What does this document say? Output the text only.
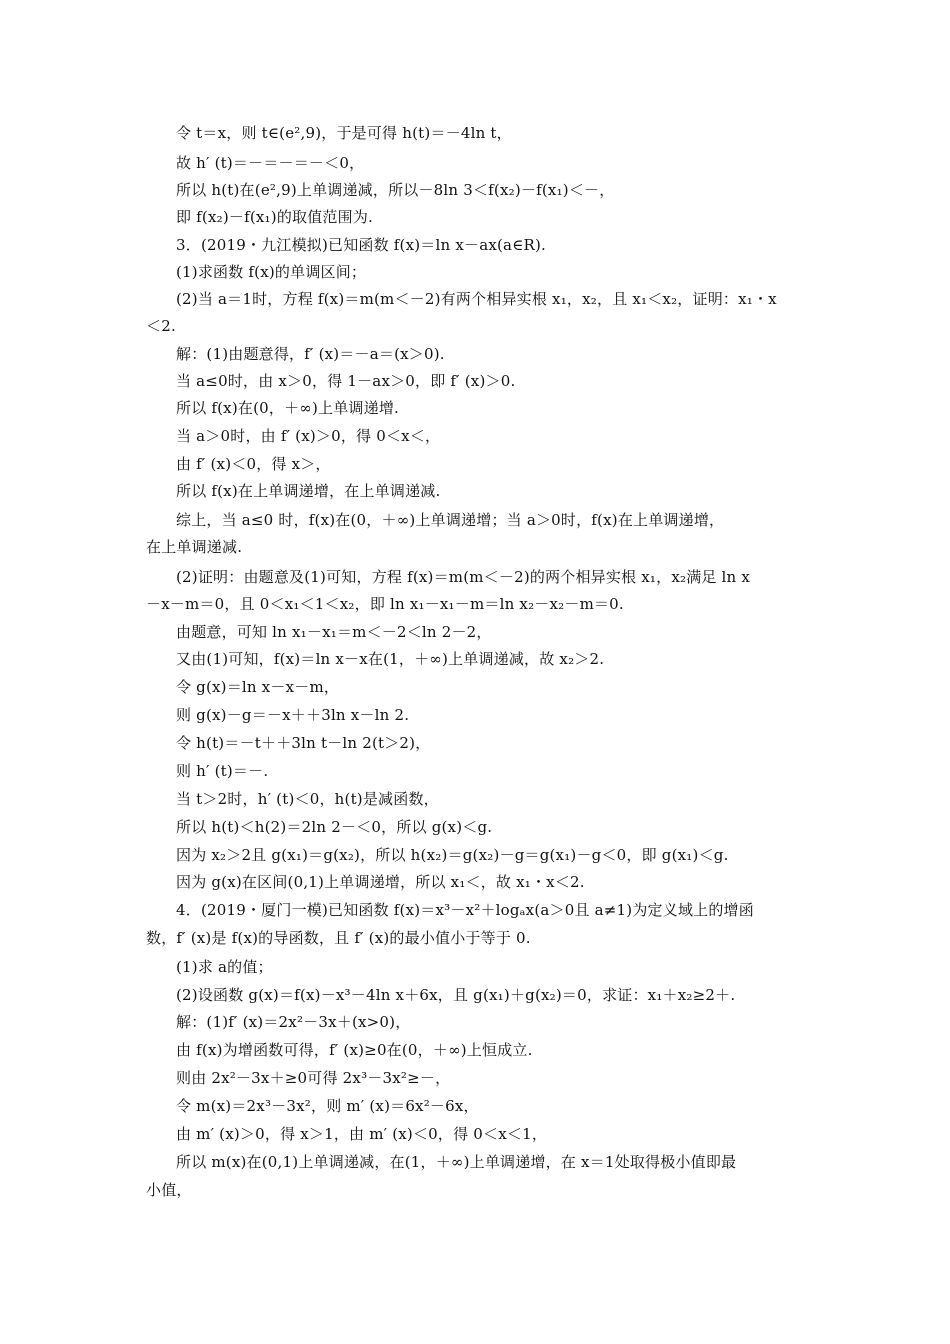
令 t＝x，则 t∈(e²,9)，于是可得 h(t)＝－4ln t，
故 h′ (t)＝－＝－＝－＜0，
所以 h(t)在(e²,9)上单调递减，所以－8ln 3＜f(x₂)－f(x₁)＜－，
即 f(x₂)－f(x₁)的取值范围为.
3．(2019・九江模拟)已知函数 f(x)＝ln x－ax(a∈R).
(1)求函数 f(x)的单调区间；
(2)当 a＝1时，方程 f(x)＝m(m＜－2)有两个相异实根 x₁，x₂，且 x₁＜x₂，证明：x₁・x
＜2.
解：(1)由题意得，f′ (x)＝－a＝(x＞0).
当 a≤0时，由 x＞0，得 1－ax＞0，即 f′ (x)＞0.
所以 f(x)在(0，＋∞)上单调递增.
当 a＞0时，由 f′ (x)＞0，得 0＜x＜，
由 f′ (x)＜0，得 x＞，
所以 f(x)在上单调递增，在上单调递减.
综上，当 a≤0 时，f(x)在(0，＋∞)上单调递增；当 a＞0时，f(x)在上单调递增，
在上单调递减.
(2)证明：由题意及(1)可知，方程 f(x)＝m(m＜－2)的两个相异实根 x₁，x₂满足 ln x
－x－m＝0，且 0＜x₁＜1＜x₂，即 ln x₁－x₁－m＝ln x₂－x₂－m＝0.
由题意，可知 ln x₁－x₁＝m＜－2＜ln 2－2，
又由(1)可知，f(x)＝ln x－x在(1，＋∞)上单调递减，故 x₂＞2.
令 g(x)＝ln x－x－m，
则 g(x)－g＝－x＋＋3ln x－ln 2.
令 h(t)＝－t＋＋3ln t－ln 2(t＞2)，
则 h′ (t)＝－.
当 t＞2时，h′ (t)＜0，h(t)是减函数，
所以 h(t)＜h(2)＝2ln 2－＜0，所以 g(x)＜g.
因为 x₂＞2且 g(x₁)＝g(x₂)，所以 h(x₂)＝g(x₂)－g＝g(x₁)－g＜0，即 g(x₁)＜g.
因为 g(x)在区间(0,1)上单调递增，所以 x₁＜，故 x₁・x＜2.
4．(2019・厦门一模)已知函数 f(x)＝x³－x²＋logₐx(a＞0且 a≠1)为定义域上的增函
数，f′ (x)是 f(x)的导函数，且 f′ (x)的最小值小于等于 0.
(1)求 a的值；
(2)设函数 g(x)＝f(x)－x³－4ln x＋6x，且 g(x₁)＋g(x₂)＝0，求证：x₁＋x₂≥2＋.
解：(1)f′ (x)＝2x²－3x＋(x>0)，
由 f(x)为增函数可得，f′ (x)≥0在(0，＋∞)上恒成立.
则由 2x²－3x＋≥0可得 2x³－3x²≥－，
令 m(x)＝2x³－3x²，则 m′ (x)＝6x²－6x，
由 m′ (x)＞0，得 x＞1，由 m′ (x)＜0，得 0＜x＜1，
所以 m(x)在(0,1)上单调递减，在(1，＋∞)上单调递增，在 x＝1处取得极小值即最
小值，
